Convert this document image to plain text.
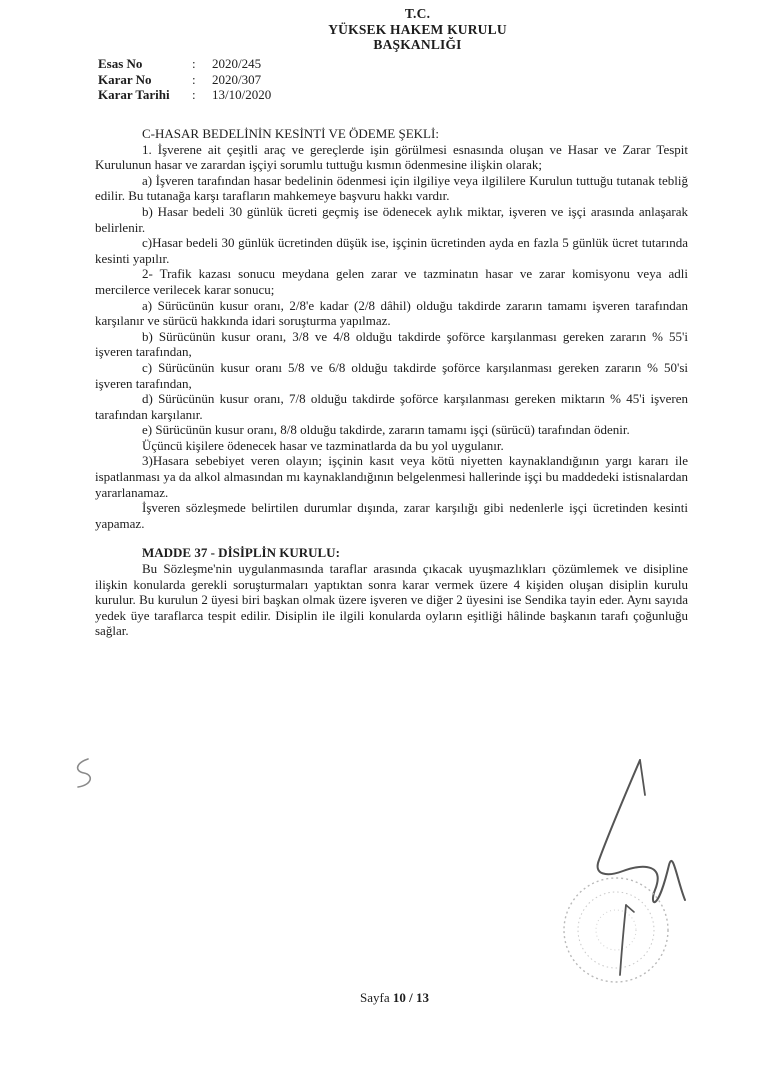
T.C.
YÜKSEK HAKEM KURULU
BAŞKANLIĞI
Esas No	:	2020/245
Karar No	:	2020/307
Karar Tarihi	:	13/10/2020

C-HASAR BEDELİNİN KESİNTİ VE ÖDEME ŞEKLİ:

1. İşverene ait çeşitli araç ve gereçlerde işin görülmesi esnasında oluşan ve Hasar ve Zarar Tespit Kurulunun hasar ve zarardan işçiyi sorumlu tuttuğu kısmın ödenmesine ilişkin olarak;

a) İşveren tarafından hasar bedelinin ödenmesi için ilgiliye veya ilgililere Kurulun tuttuğu tutanak tebliğ edilir. Bu tutanağa karşı tarafların mahkemeye başvuru hakkı vardır.

b) Hasar bedeli 30 günlük ücreti geçmiş ise ödenecek aylık miktar, işveren ve işçi arasında anlaşarak belirlenir.

c)Hasar bedeli 30 günlük ücretinden düşük ise, işçinin ücretinden ayda en fazla 5 günlük ücret tutarında kesinti yapılır.

2- Trafik kazası sonucu meydana gelen zarar ve tazminatın hasar ve zarar komisyonu veya adli mercilerce verilecek karar sonucu;

a) Sürücünün kusur oranı, 2/8'e kadar (2/8 dâhil) olduğu takdirde zararın tamamı işveren tarafından karşılanır ve sürücü hakkında idari soruşturma yapılmaz.

b) Sürücünün kusur oranı, 3/8 ve 4/8 olduğu takdirde şoförce karşılanması gereken zararın % 55'i işveren tarafından,

c) Sürücünün kusur oranı 5/8 ve 6/8 olduğu takdirde şoförce karşılanması gereken zararın % 50'si işveren tarafından,

d) Sürücünün kusur oranı, 7/8 olduğu takdirde şoförce karşılanması gereken miktarın % 45'i işveren tarafından karşılanır.

e) Sürücünün kusur oranı, 8/8 olduğu takdirde, zararın tamamı işçi (sürücü) tarafından ödenir.

Üçüncü kişilere ödenecek hasar ve tazminatlarda da bu yol uygulanır.

3)Hasara sebebiyet veren olayın; işçinin kasıt veya kötü niyetten kaynaklandığının yargı kararı ile ispatlanması ya da alkol almasından mı kaynaklandığının belgelenmesi hallerinde işçi bu maddedeki istisnalardan yararlanamaz.

İşveren sözleşmede belirtilen durumlar dışında, zarar karşılığı gibi nedenlerle işçi ücretinden kesinti yapamaz.

MADDE 37 - DİSİPLİN KURULU:

Bu Sözleşme'nin uygulanmasında taraflar arasında çıkacak uyuşmazlıkları çözümlemek ve disipline ilişkin konularda gerekli soruşturmaları yaptıktan sonra karar vermek üzere 4 kişiden oluşan disiplin kurulu kurulur. Bu kurulun 2 üyesi biri başkan olmak üzere işveren ve diğer 2 üyesini ise Sendika tayin eder. Aynı sayıda yedek üye taraflarca tespit edilir. Disiplin ile ilgili konularda oyların eşitliği hâlinde başkanın tarafı çoğunluğu sağlar.

Sayfa 10 / 13
